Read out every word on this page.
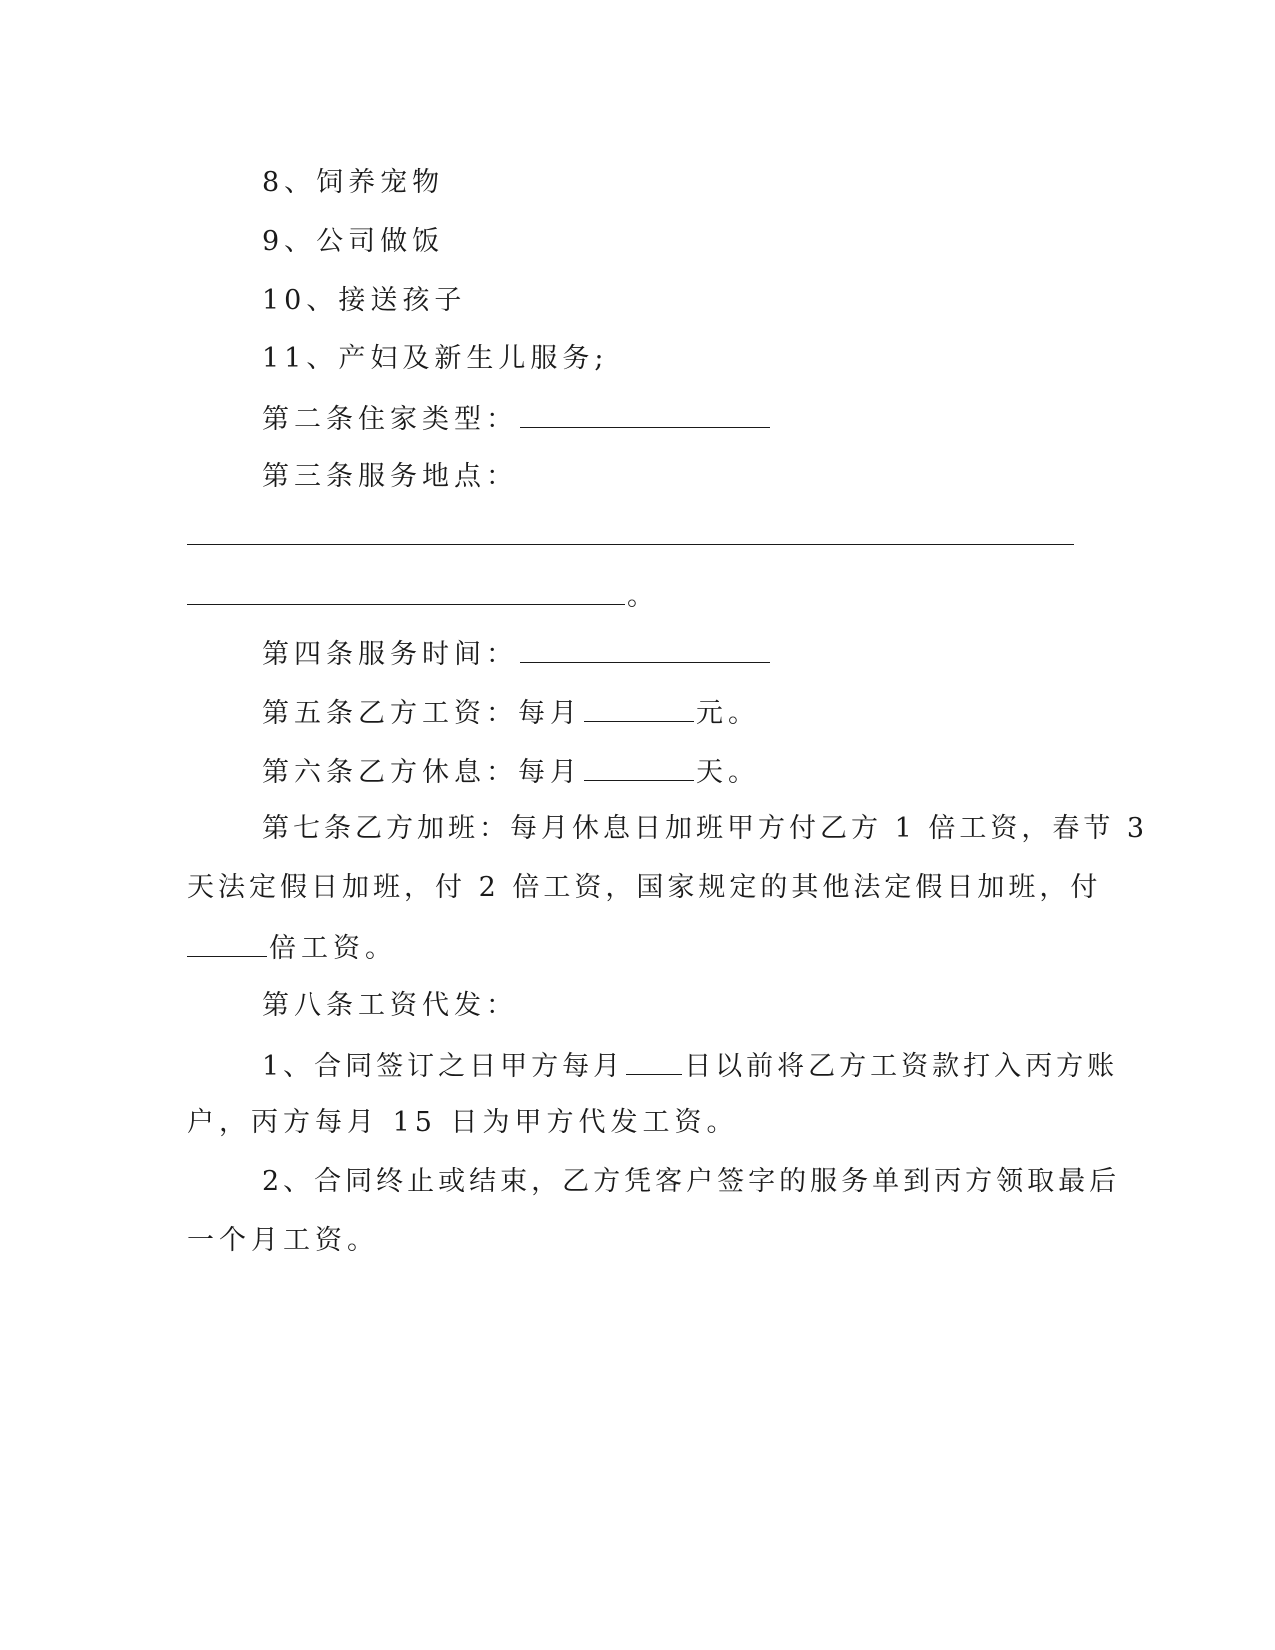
8、饲养宠物
9、公司做饭
10、接送孩子
11、产妇及新生儿服务;
第二条住家类型：
第三条服务地点：
。
第四条服务时间：
第五条乙方工资：每月	元。
第六条乙方休息：每月	天。
第七条乙方加班：每月休息日加班甲方付乙方 1 倍工资，春节 3
天法定假日加班，付 2 倍工资，国家规定的其他法定假日加班，付
倍工资。
第八条工资代发：
1、合同签订之日甲方每月 日以前将乙方工资款打入丙方账
户，丙方每月 15 日为甲方代发工资。
2、合同终止或结束，乙方凭客户签字的服务单到丙方领取最后
一个月工资。
